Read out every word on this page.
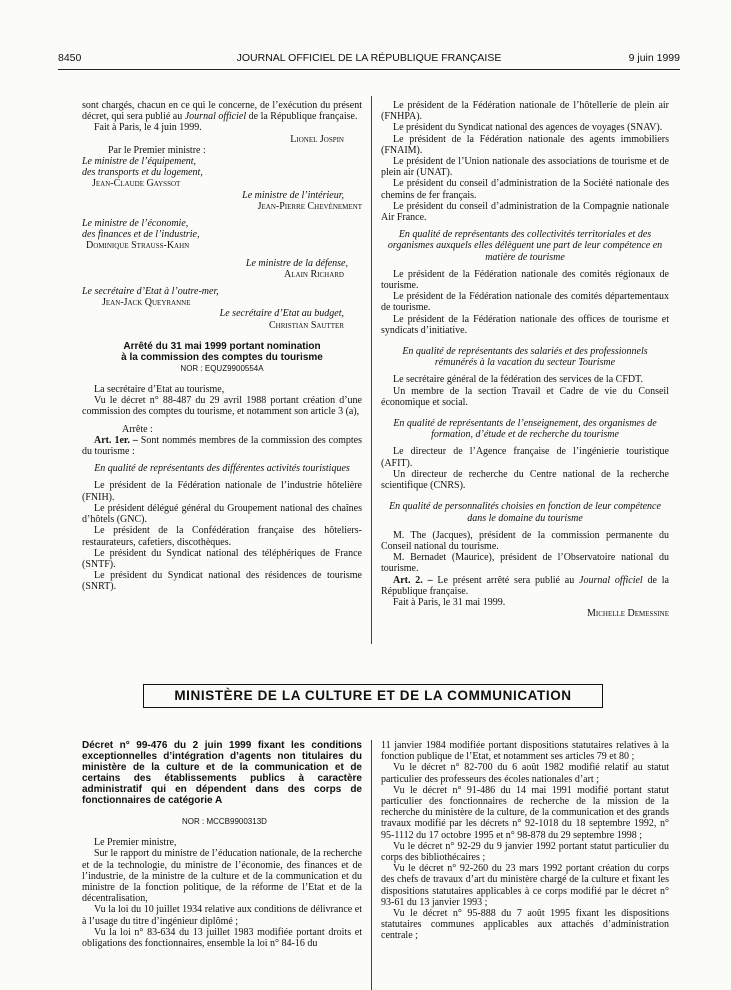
8450	JOURNAL OFFICIEL DE LA RÉPUBLIQUE FRANÇAISE	9 juin 1999

sont chargés, chacun en ce qui le concerne, de l’exécution du présent décret, qui sera publié au Journal officiel de la République française.

Fait à Paris, le 4 juin 1999.

Lionel Jospin

Par le Premier ministre :

Le ministre de l’équipement,

des transports et du logement,

Jean-Claude Gayssot

Le ministre de l’intérieur,

Jean-Pierre Chevènement

Le ministre de l’économie,

des finances et de l’industrie,

Dominique Strauss-Kahn

Le ministre de la défense,

Alain Richard

Le secrétaire d’Etat à l’outre-mer,

Jean-Jack Queyranne

Le secrétaire d’Etat au budget,

Christian Sautter

Arrêté du 31 mai 1999 portant nomination

à la commission des comptes du tourisme

NOR : EQUZ9900554A

La secrétaire d’Etat au tourisme,

Vu le décret n° 88-487 du 29 avril 1988 portant création d’une commission des comptes du tourisme, et notamment son article 3 (a),

Arrête :

Art. 1er. – Sont nommés membres de la commission des comptes du tourisme :

En qualité de représentants des différentes activités touristiques

Le président de la Fédération nationale de l’industrie hôtelière (FNIH).

Le président délégué général du Groupement national des chaînes d’hôtels (GNC).

Le président de la Confédération française des hôteliers-restaurateurs, cafetiers, discothèques.

Le président du Syndicat national des téléphériques de France (SNTF).

Le président du Syndicat national des résidences de tourisme (SNRT).

Le président de la Fédération nationale de l’hôtellerie de plein air (FNHPA).

Le président du Syndicat national des agences de voyages (SNAV).

Le président de la Fédération nationale des agents immobiliers (FNAIM).

Le président de l’Union nationale des associations de tourisme et de plein air (UNAT).

Le président du conseil d’administration de la Société nationale des chemins de fer français.

Le président du conseil d’administration de la Compagnie nationale Air France.

En qualité de représentants des collectivités territoriales et des organismes auxquels elles délèguent une part de leur compétence en matière de tourisme

Le président de la Fédération nationale des comités régionaux de tourisme.

Le président de la Fédération nationale des comités départementaux de tourisme.

Le président de la Fédération nationale des offices de tourisme et syndicats d’initiative.

En qualité de représentants des salariés et des professionnels rémunérés à la vacation du secteur Tourisme

Le secrétaire général de la fédération des services de la CFDT.

Un membre de la section Travail et Cadre de vie du Conseil économique et social.

En qualité de représentants de l’enseignement, des organismes de formation, d’étude et de recherche du tourisme

Le directeur de l’Agence française de l’ingénierie touristique (AFIT).

Un directeur de recherche du Centre national de la recherche scientifique (CNRS).

En qualité de personnalités choisies en fonction de leur compétence dans le domaine du tourisme

M. The (Jacques), président de la commission permanente du Conseil national du tourisme.

M. Bernadet (Maurice), président de l’Observatoire national du tourisme.

Art. 2. – Le présent arrêté sera publié au Journal officiel de la République française.

Fait à Paris, le 31 mai 1999.

Michelle Demessine

MINISTÈRE DE LA CULTURE ET DE LA COMMUNICATION

Décret n° 99-476 du 2 juin 1999 fixant les conditions exceptionnelles d’intégration d’agents non titulaires du ministère de la culture et de la communication et de certains des établissements publics à caractère administratif qui en dépendent dans des corps de fonctionnaires de catégorie A

NOR : MCCB9900313D

Le Premier ministre,

Sur le rapport du ministre de l’éducation nationale, de la recherche et de la technologie, du ministre de l’économie, des finances et de l’industrie, de la ministre de la culture et de la communication et du ministre de la fonction politique, de la réforme de l’Etat et de la décentralisation,

Vu la loi du 10 juillet 1934 relative aux conditions de délivrance et à l’usage du titre d’ingénieur diplômé ;

Vu la loi n° 83-634 du 13 juillet 1983 modifiée portant droits et obligations des fonctionnaires, ensemble la loi n° 84-16 du

11 janvier 1984 modifiée portant dispositions statutaires relatives à la fonction publique de l’Etat, et notamment ses articles 79 et 80 ;

Vu le décret n° 82-700 du 6 août 1982 modifié relatif au statut particulier des professeurs des écoles nationales d’art ;

Vu le décret n° 91-486 du 14 mai 1991 modifié portant statut particulier des fonctionnaires de recherche de la mission de la recherche du ministère de la culture, de la communication et des grands travaux modifié par les décrets n° 92-1018 du 18 septembre 1992, n° 95-1112 du 17 octobre 1995 et n° 98-878 du 29 septembre 1998 ;

Vu le décret n° 92-29 du 9 janvier 1992 portant statut particulier du corps des bibliothécaires ;

Vu le décret n° 92-260 du 23 mars 1992 portant création du corps des chefs de travaux d’art du ministère chargé de la culture et fixant les dispositions statutaires applicables à ce corps modifié par le décret n° 93-61 du 13 janvier 1993 ;

Vu le décret n° 95-888 du 7 août 1995 fixant les dispositions statutaires communes applicables aux attachés d’administration centrale ;
